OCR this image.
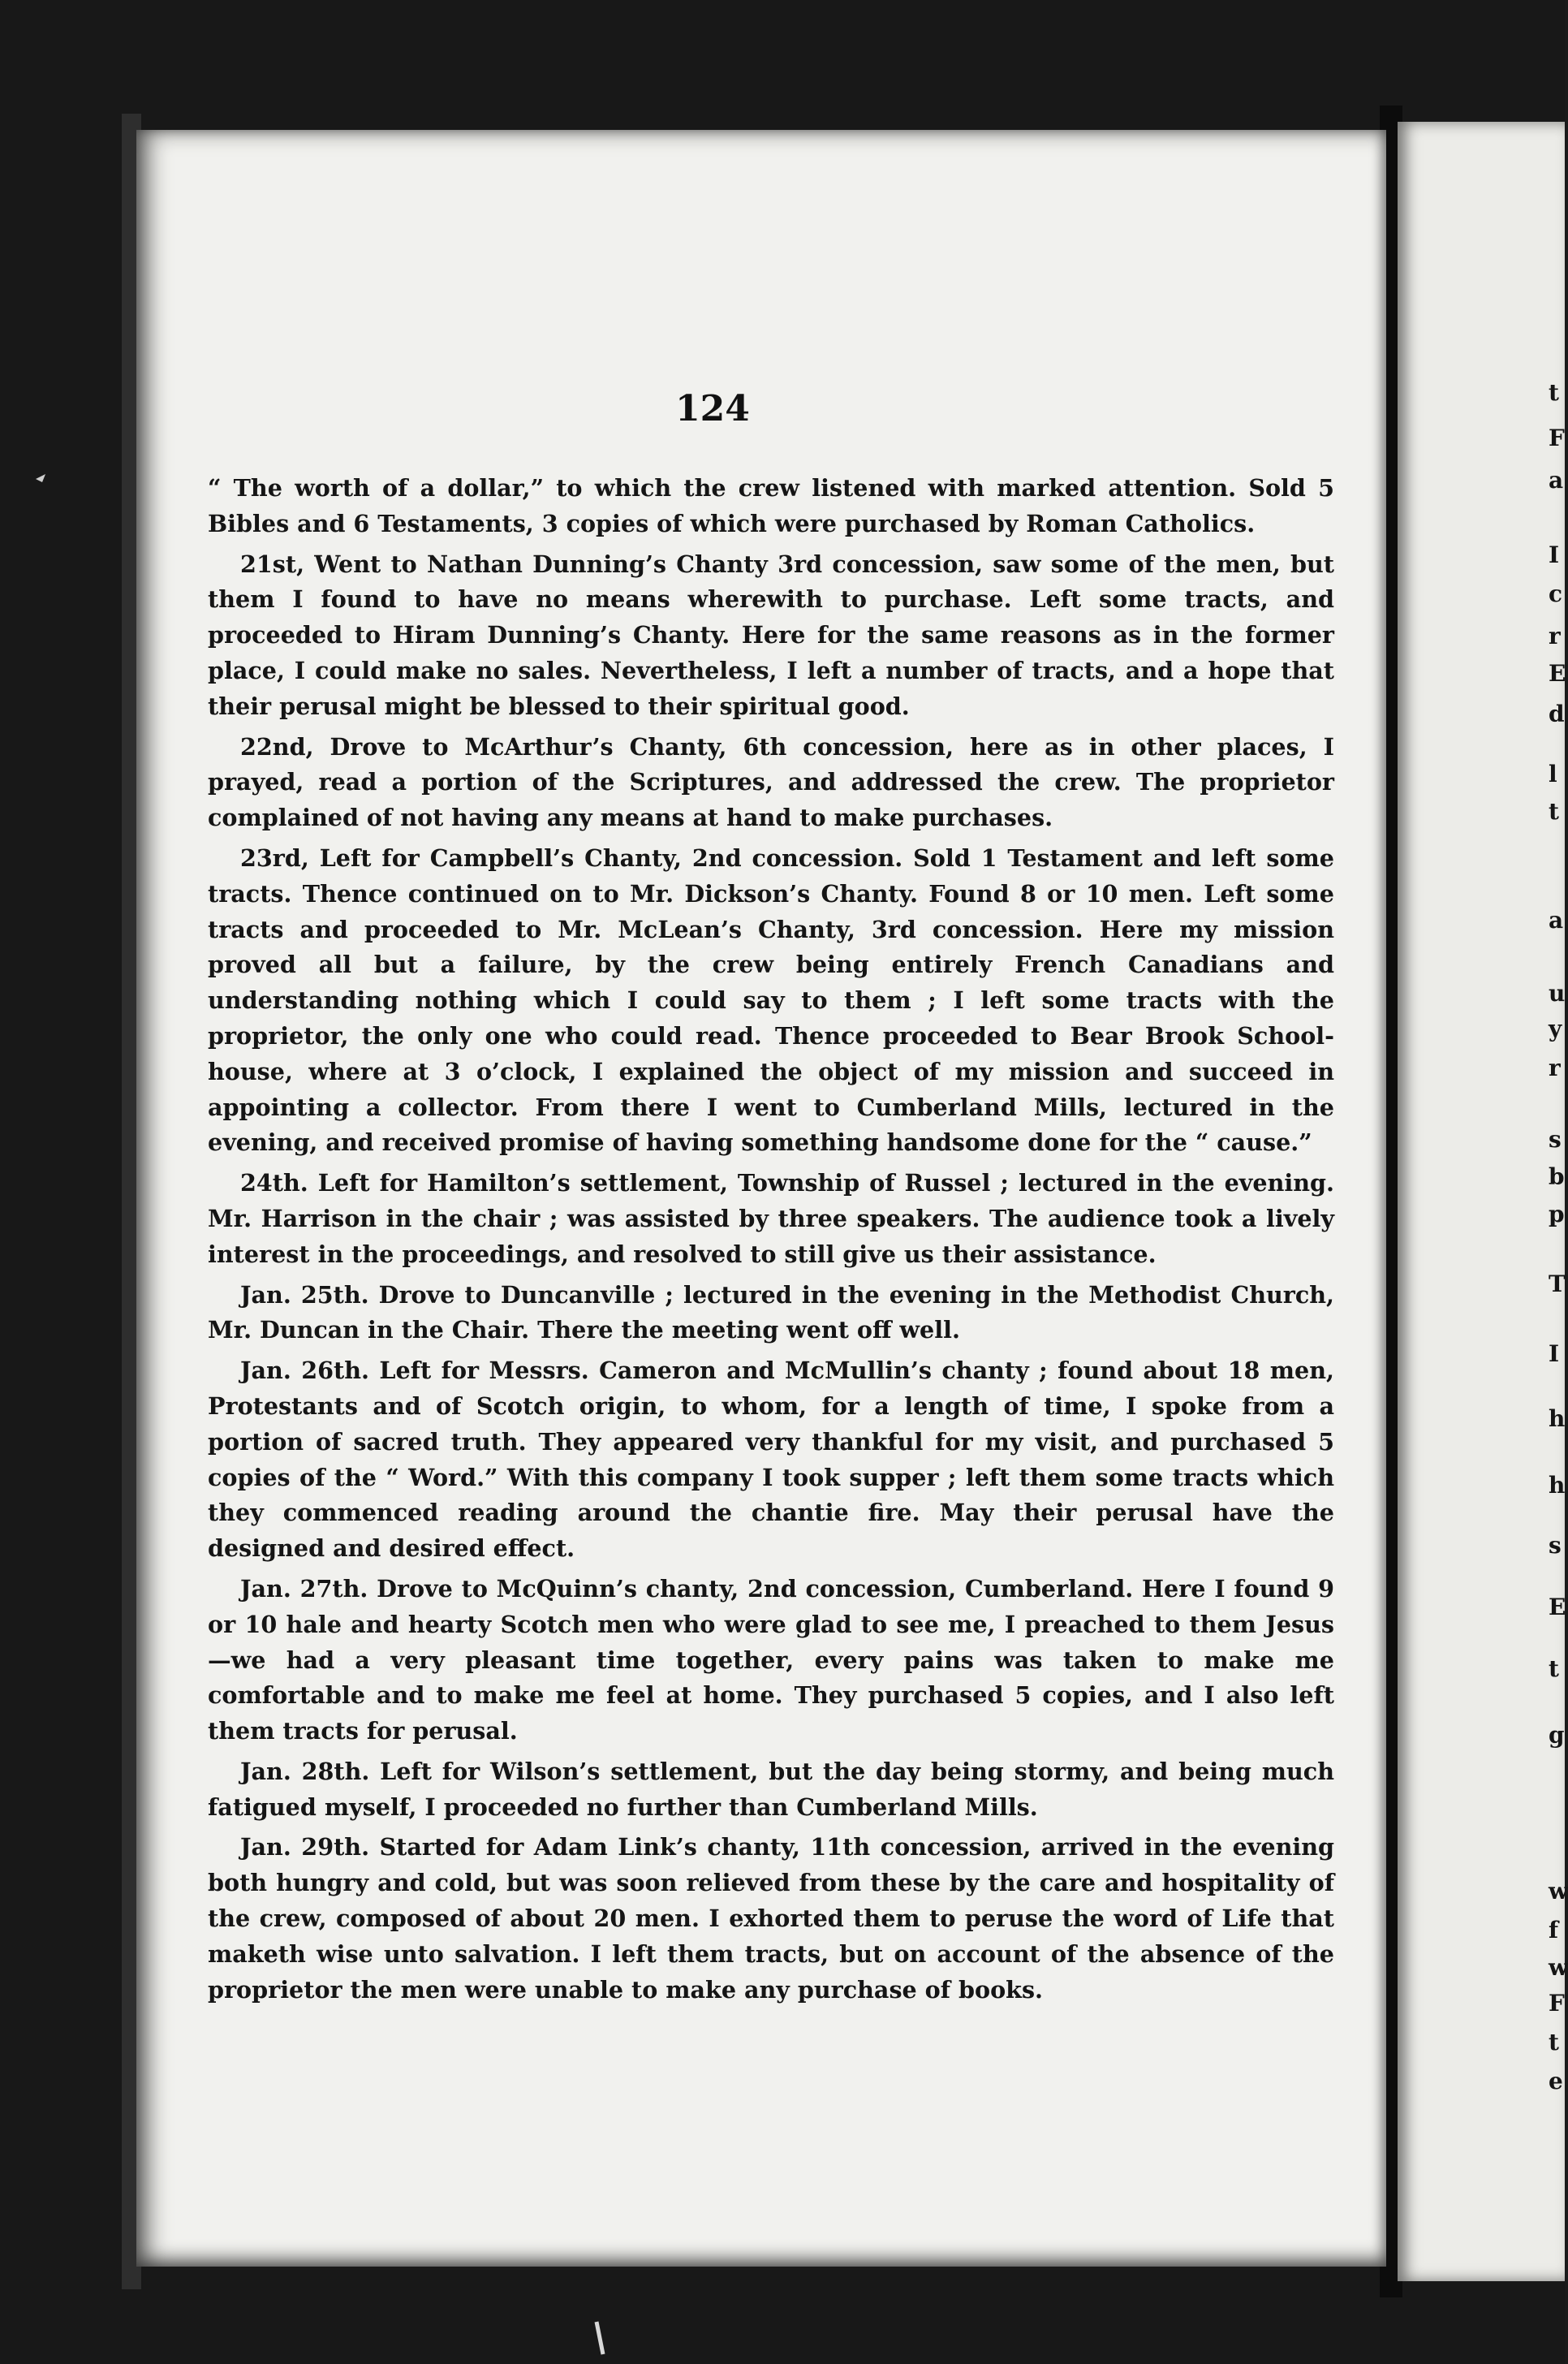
124

“ The worth of a dollar,” to which the crew listened with marked attention. Sold 5 Bibles and 6 Testaments, 3 copies of which were purchased by Roman Catholics.

21st, Went to Nathan Dunning’s Chanty 3rd concession, saw some of the men, but them I found to have no means wherewith to purchase. Left some tracts, and proceeded to Hiram Dunning’s Chanty. Here for the same reasons as in the former place, I could make no sales. Nevertheless, I left a number of tracts, and a hope that their perusal might be blessed to their spiritual good.

22nd, Drove to McArthur’s Chanty, 6th concession, here as in other places, I prayed, read a portion of the Scriptures, and addressed the crew. The proprietor complained of not having any means at hand to make purchases.

23rd, Left for Campbell’s Chanty, 2nd concession. Sold 1 Testament and left some tracts. Thence continued on to Mr. Dickson’s Chanty. Found 8 or 10 men. Left some tracts and proceeded to Mr. McLean’s Chanty, 3rd concession. Here my mission proved all but a failure, by the crew being entirely French Canadians and understanding nothing which I could say to them ; I left some tracts with the proprietor, the only one who could read. Thence proceeded to Bear Brook School-house, where at 3 o’clock, I explained the object of my mission and succeed in appointing a collector. From there I went to Cumberland Mills, lectured in the evening, and received promise of having something handsome done for the “ cause.”

24th. Left for Hamilton’s settlement, Township of Russel ; lectured in the evening. Mr. Harrison in the chair ; was assisted by three speakers. The audience took a lively interest in the proceedings, and resolved to still give us their assistance.

Jan. 25th. Drove to Duncanville ; lectured in the evening in the Methodist Church, Mr. Duncan in the Chair. There the meeting went off well.

Jan. 26th. Left for Messrs. Cameron and McMullin’s chanty ; found about 18 men, Protestants and of Scotch origin, to whom, for a length of time, I spoke from a portion of sacred truth. They appeared very thankful for my visit, and purchased 5 copies of the “ Word.” With this company I took supper ; left them some tracts which they commenced reading around the chantie fire. May their perusal have the designed and desired effect.

Jan. 27th. Drove to McQuinn’s chanty, 2nd concession, Cumberland. Here I found 9 or 10 hale and hearty Scotch men who were glad to see me, I preached to them Jesus—we had a very pleasant time together, every pains was taken to make me comfortable and to make me feel at home. They purchased 5 copies, and I also left them tracts for perusal.

Jan. 28th. Left for Wilson’s settlement, but the day being stormy, and being much fatigued myself, I proceeded no further than Cumberland Mills.

Jan. 29th. Started for Adam Link’s chanty, 11th concession, arrived in the evening both hungry and cold, but was soon relieved from these by the care and hospitality of the crew, composed of about 20 men. I exhorted them to peruse the word of Life that maketh wise unto salvation. I left them tracts, but on account of the absence of the proprietor the men were unable to make any purchase of books.

t
F
a
I
c
r
E
d
l
t
a
u
y
r
s
b
p
T
I
h
h
s
E
t
g
w
f
w
F
t
e
